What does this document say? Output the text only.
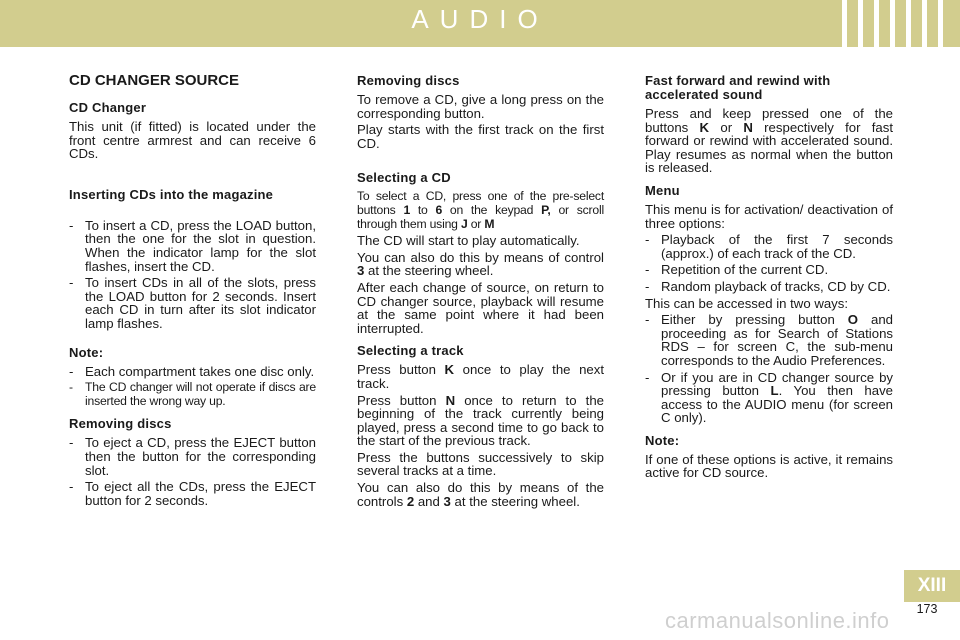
AUDIO
CD CHANGER SOURCE
CD Changer

This unit (if fitted) is located under the front centre armrest and can receive 6 CDs.

Inserting CDs into the magazine
- To insert a CD, press the LOAD button, then the one for the slot in question. When the indicator lamp for the slot flashes, insert the CD.
- To insert CDs in all of the slots, press the LOAD button for 2 seconds. Insert each CD in turn after its slot indicator lamp flashes.
Note:
- Each compartment takes one disc only.
- The CD changer will not operate if discs are inserted the wrong way up.
Removing discs
- To eject a CD, press the EJECT button then the button for the corresponding slot.
- To eject all the CDs, press the EJECT button for 2 seconds.
Removing discs

To remove a CD, give a long press on the corresponding button.

Play starts with the first track on the first CD.

Selecting a CD

To select a CD, press one of the pre-select buttons 1 to 6 on the keypad P, or scroll through them using J or M

The CD will start to play automatically.

You can also do this by means of control 3 at the steering wheel.

After each change of source, on return to CD changer source, playback will resume at the same point where it had been interrupted.

Selecting a track

Press button K once to play the next track.

Press button N once to return to the beginning of the track currently being played, press a second time to go back to the start of the previous track.

Press the buttons successively to skip several tracks at a time.

You can also do this by means of the controls 2 and 3 at the steering wheel.

Fast forward and rewind with accelerated sound

Press and keep pressed one of the buttons K or N respectively for fast forward or rewind with accelerated sound. Play resumes as normal when the button is released.

Menu

This menu is for activation/ deactivation of three options:

- Playback of the first 7 seconds (approx.) of each track of the CD.
- Repetition of the current CD.
- Random playback of tracks, CD by CD.

This can be accessed in two ways:

- Either by pressing button O and proceeding as for Search of Stations RDS – for screen C, the sub-menu corresponds to the Audio Preferences.
- Or if you are in CD changer source by pressing button L. You then have access to the AUDIO menu (for screen C only).
Note:

If one of these options is active, it remains active for CD source.

XIII
173
carmanualsonline.info
